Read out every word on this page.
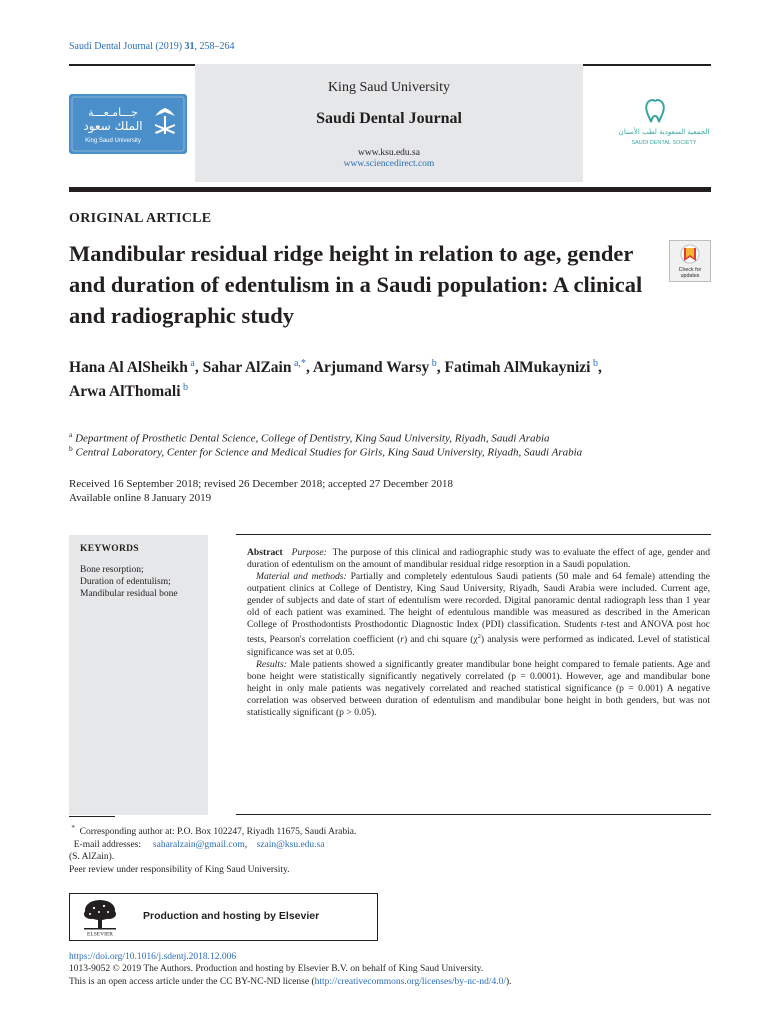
Saudi Dental Journal (2019) 31, 258–264
جـــامـعـــة
الملك سعود
King Saud University
King Saud University
Saudi Dental Journal
www.ksu.edu.sa
www.sciencedirect.com
الجمعية السعودية لطب الأسنان
SAUDI DENTAL SOCIETY
ORIGINAL ARTICLE
Mandibular residual ridge height in relation to age, gender and duration of edentulism in a Saudi population: A clinical and radiographic study
Check for
updates
Hana Al AlSheikh $^a$, Sahar AlZain $^{a,*}$, Arjumand Warsy $^b$, Fatimah AlMukaynizi $^b$,
Arwa AlThomali $^b$
$^a$ Department of Prosthetic Dental Science, College of Dentistry, King Saud University, Riyadh, Saudi Arabia
$^b$ Central Laboratory, Center for Science and Medical Studies for Girls, King Saud University, Riyadh, Saudi Arabia
Received 16 September 2018; revised 26 December 2018; accepted 27 December 2018
Available online 8 January 2019
KEYWORDS
Bone resorption;
Duration of edentulism;
Mandibular residual bone

Abstract Purpose: The purpose of this clinical and radiographic study was to evaluate the effect of age, gender and duration of edentulism on the amount of mandibular residual ridge resorption in a Saudi population.

Material and methods: Partially and completely edentulous Saudi patients (50 male and 64 female) attending the outpatient clinics at College of Dentistry, King Saud University, Riyadh, Saudi Arabia were included. Current age, gender of subjects and date of start of edentulism were recorded. Digital panoramic dental radiograph less than 1 year old of each patient was examined. The height of edentulous mandible was measured as described in the American College of Prosthodontists Prosthodontic Diagnostic Index (PDI) classification. Students t-test and ANOVA post hoc tests, Pearson's correlation coefficient (r) and chi square $(\chi^2)$ analysis were performed as indicated. Level of statistical significance was set at 0.05.

Results: Male patients showed a significantly greater mandibular bone height compared to female patients. Age and bone height were statistically significantly negatively correlated (p = 0.0001). However, age and mandibular bone height in only male patients was negatively correlated and reached statistical significance (p = 0.001) A negative correlation was observed between duration of edentulism and mandibular bone height in both genders, but was not statistically significant (p > 0.05).

* Corresponding author at: P.O. Box 102247, Riyadh 11675, Saudi Arabia.
E-mail addresses: saharalzain@gmail.com,    szain@ksu.edu.sa
(S. AlZain).
Peer review under responsibility of King Saud University.
ELSEVIER
Production and hosting by Elsevier
https://doi.org/10.1016/j.sdentj.2018.12.006
1013-9052 © 2019 The Authors. Production and hosting by Elsevier B.V. on behalf of King Saud University.
This is an open access article under the CC BY-NC-ND license (http://creativecommons.org/licenses/by-nc-nd/4.0/).
